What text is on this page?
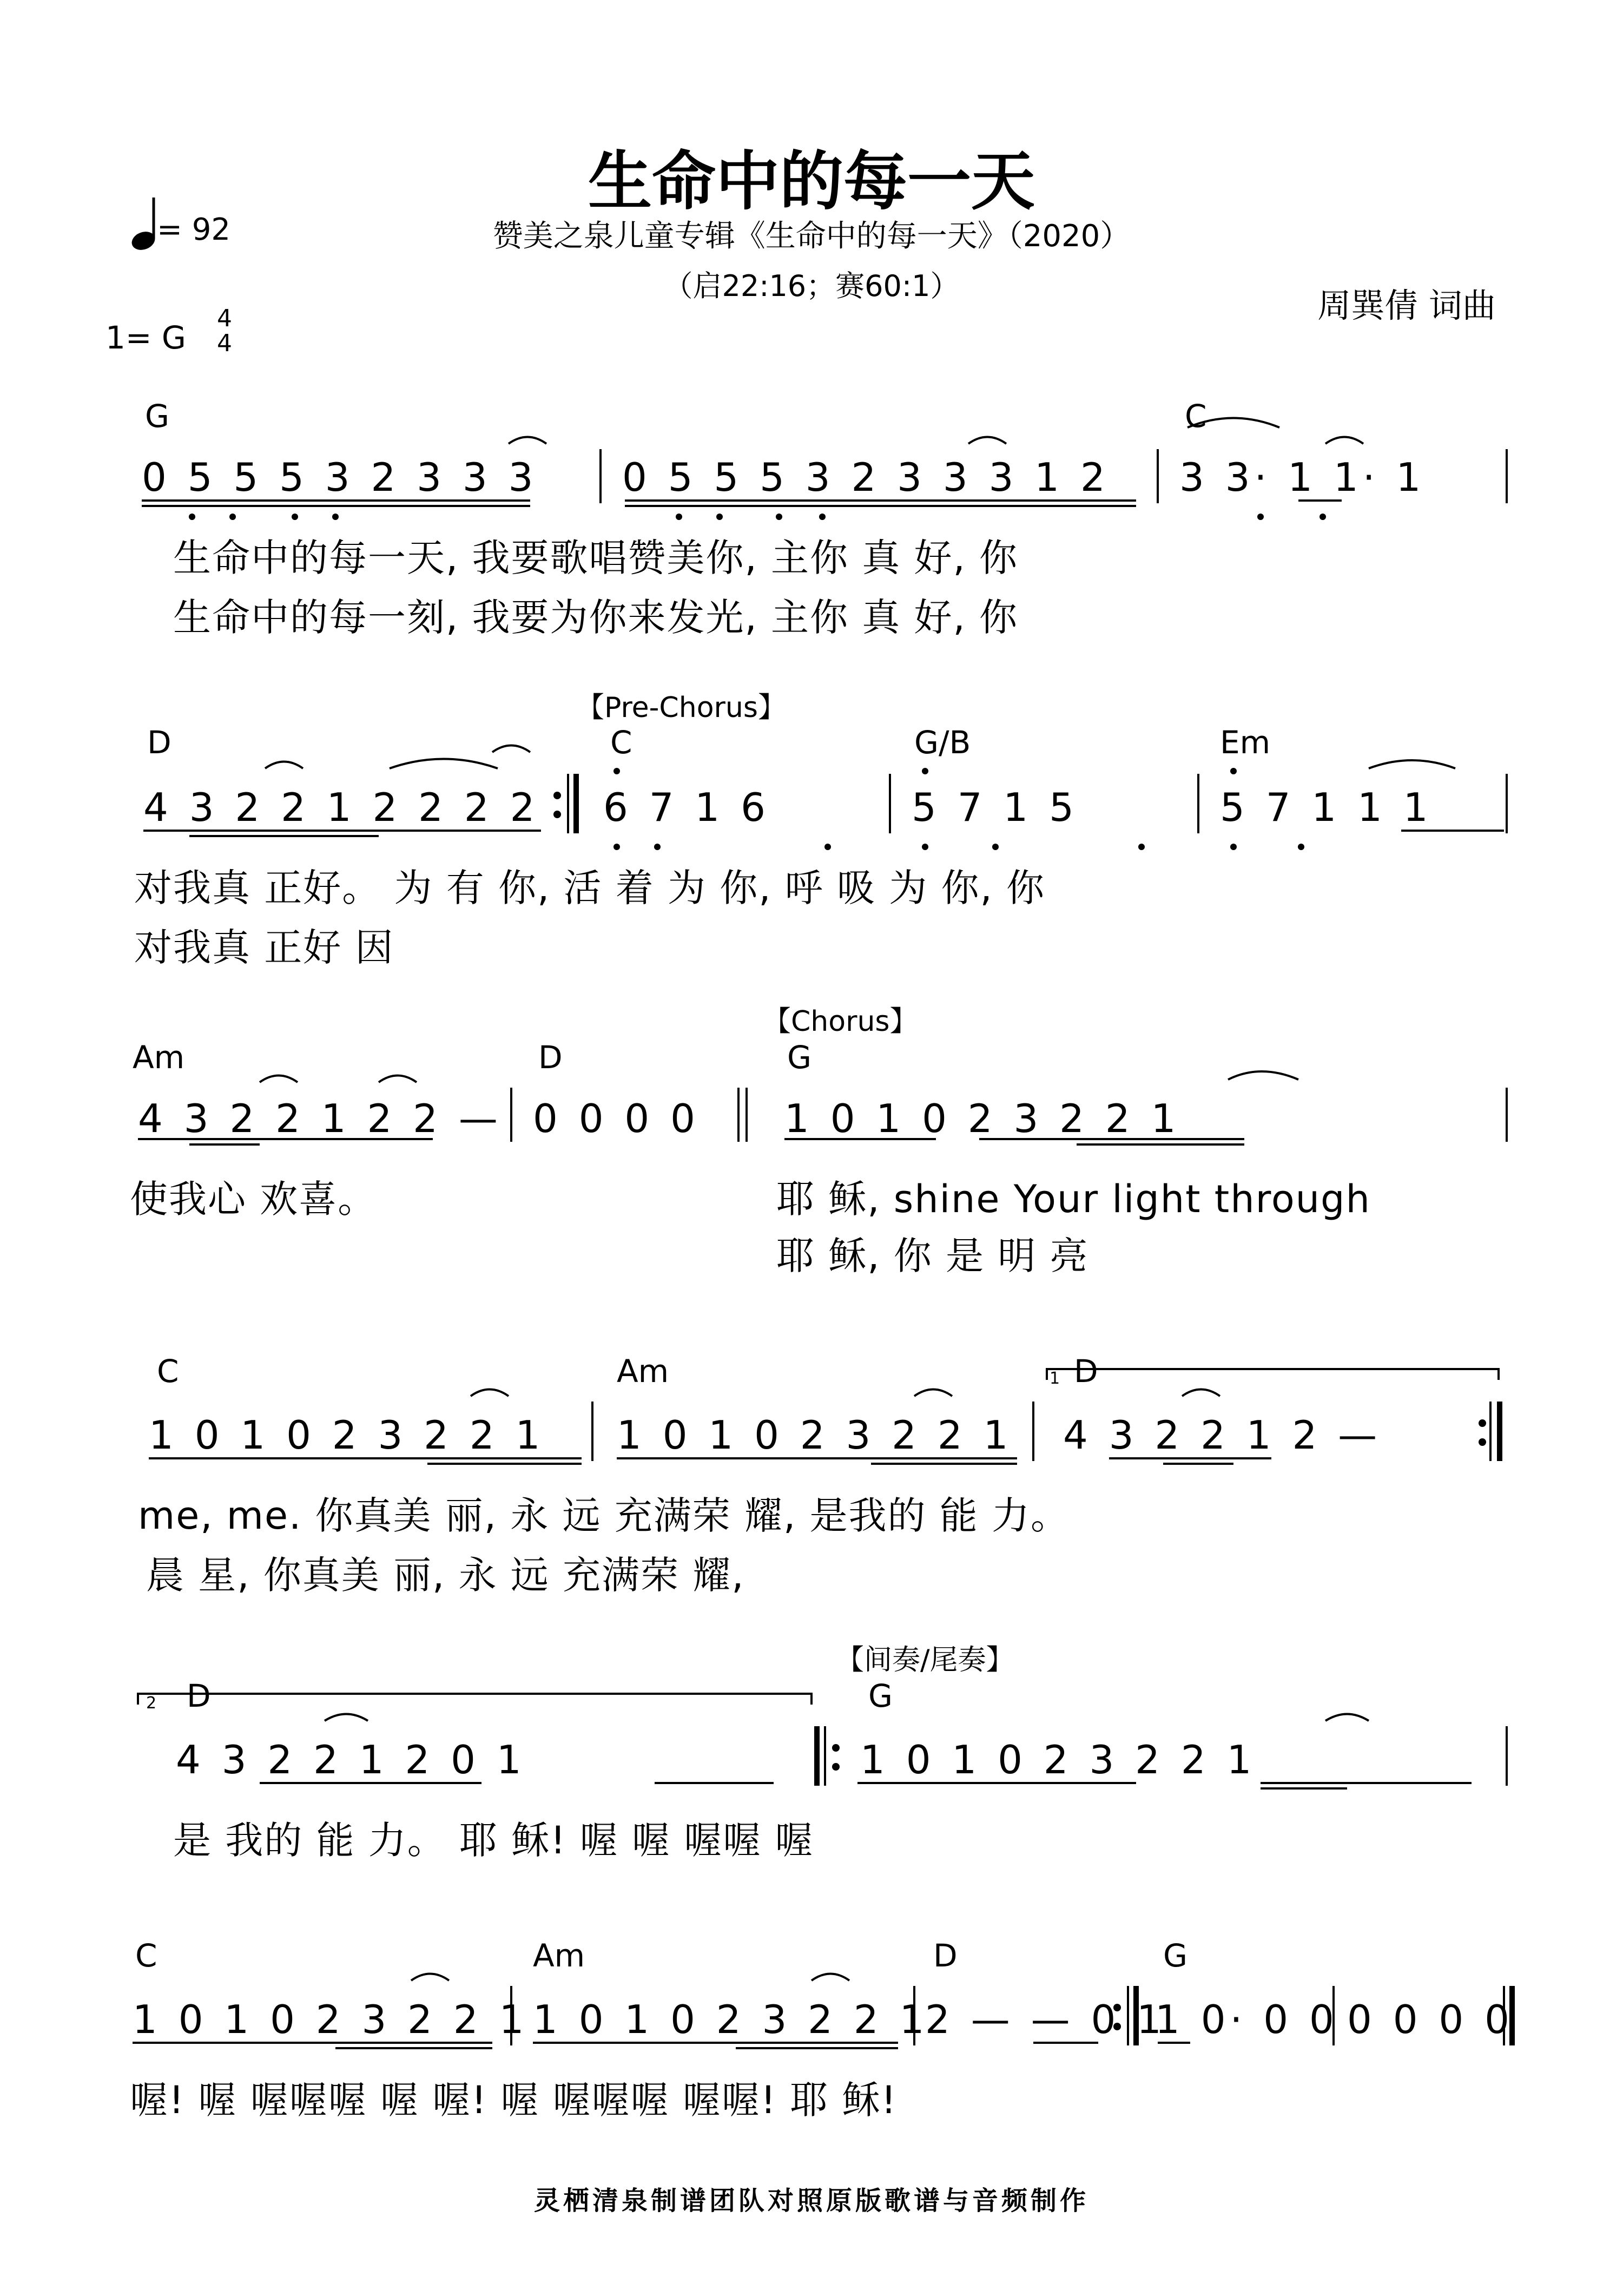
生命中的每一天
= 92	赞美之泉儿童专辑《生命中的每一天》（2020）
（启22:16；赛60:1）	周巽倩 词曲
1= G
4
4
G	C
0 5 5 5 3 2 3 3 3 0 5 5 5 3 2 3 3 3 1 2 3 3· 1 1· 1
生命中的每一天, 我要歌唱赞美你, 主你 真 好, 你
生命中的每一刻, 我要为你来发光, 主你 真 好, 你
【Pre-Chorus】
D	C	G/B	Em
4 3 2 2 1 2 2 2 2 6 7 1 6	5 7 1 5	5 7 1 1 1
对我真 正好。 为 有 你, 活 着 为 你, 呼 吸 为 你, 你
对我真 正好 因
【Chorus】
Am	D	G
4 3 2 2 1 2 2 — 0 0 0 0 1 0 1 0 2 3 2 2 1
使我心 欢喜。	耶 稣, shine Your light through
耶 稣, 你 是 明 亮
C	Am	1 D
1 0 1 0 2 3 2 2 1 1 0 1 0 2 3 2 2 1 4 3 2 2 1 2 —
me, me. 你真美 丽, 永 远 充满荣 耀, 是我的 能 力。
晨 星, 你真美 丽, 永 远 充满荣 耀,
【间奏/尾奏】
2 D	G
4 3 2 2 1 2 0 1	1 0 1 0 2 3 2 2 1
是 我的 能 力。 耶 稣! 喔 喔 喔喔 喔
C	Am	D	G
1 0 1 0 2 3 2 2 1 1 0 1 0 2 3 2 2 1
2 — — 0 1
1 0· 0 0 0 0 0 0
喔! 喔 喔喔喔 喔 喔! 喔 喔喔喔 喔喔! 耶 稣!
灵栖清泉制谱团队对照原版歌谱与音频制作
